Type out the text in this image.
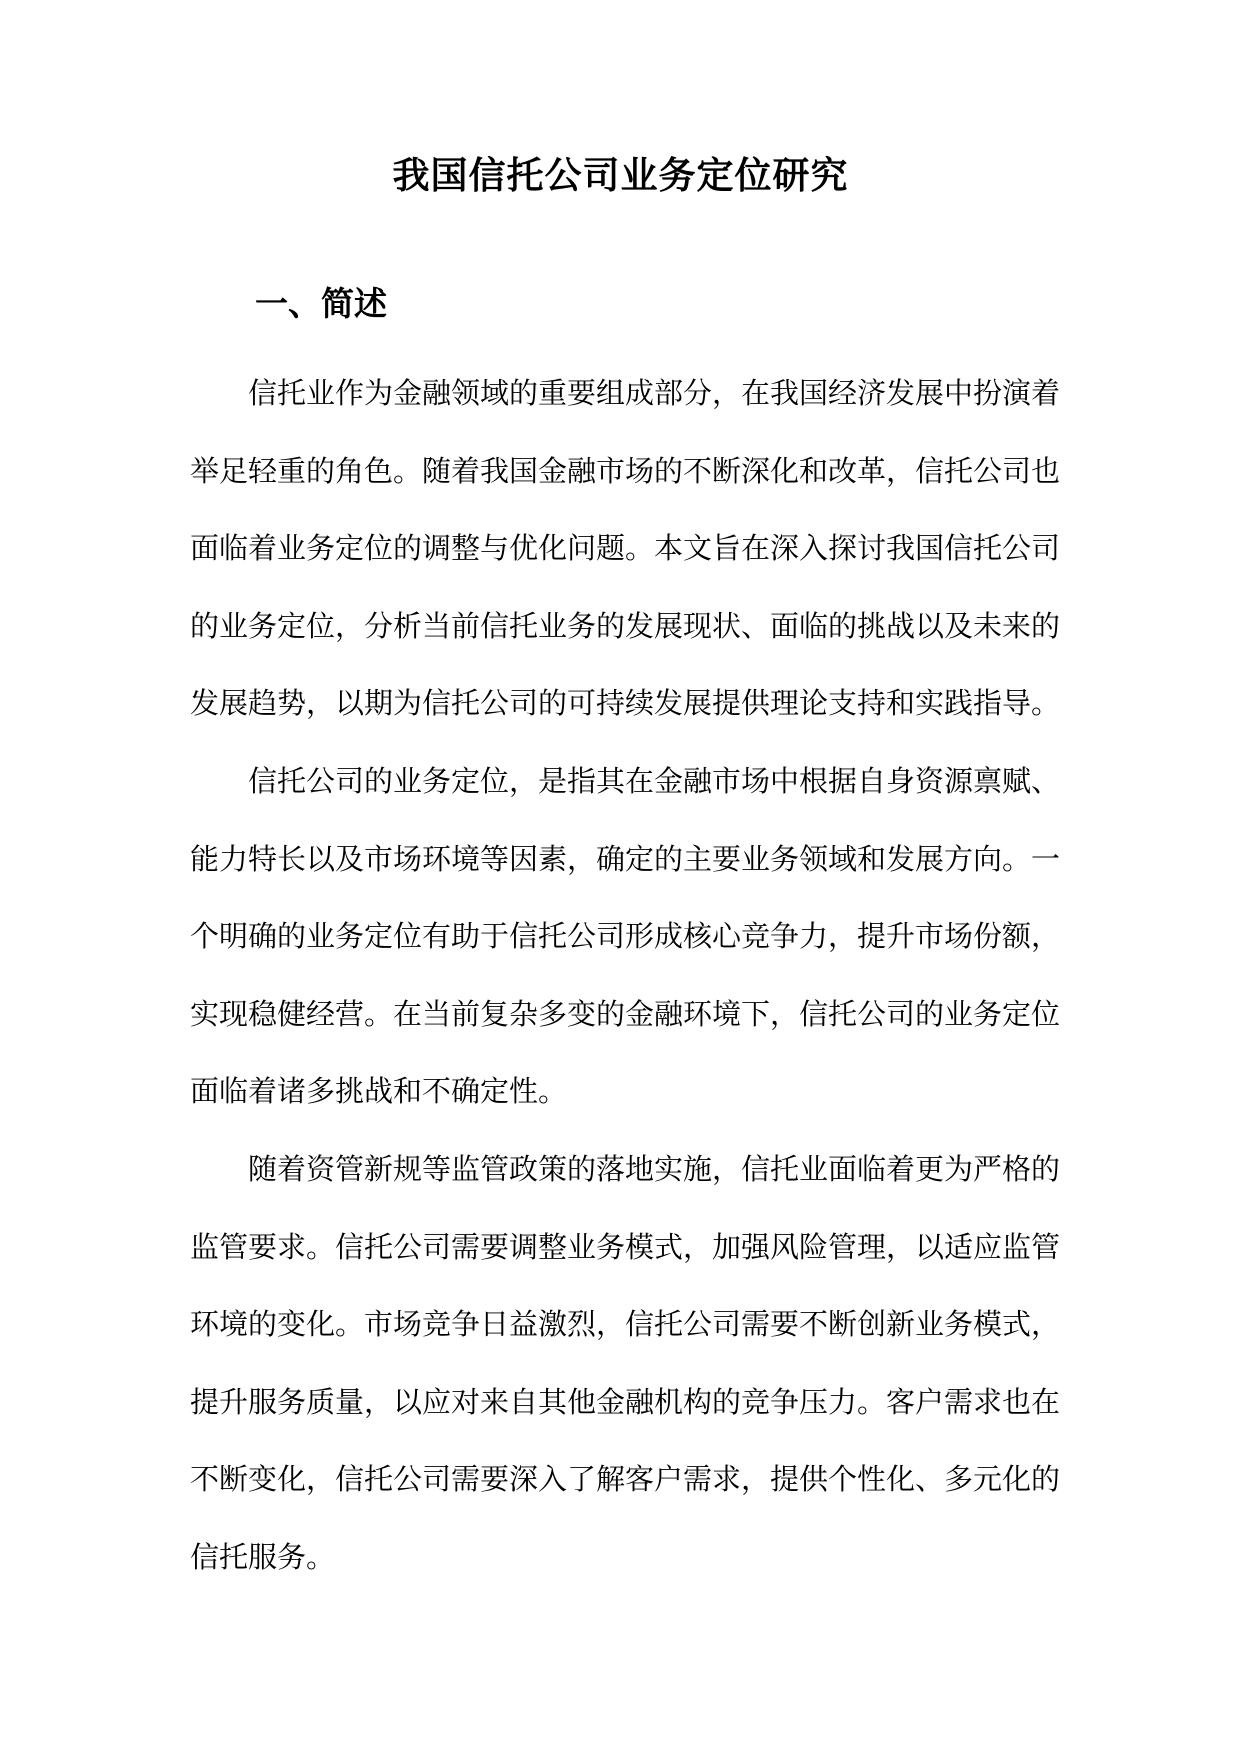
我国信托公司业务定位研究
一、简述

信托业作为金融领域的重要组成部分，在我国经济发展中扮演着举足轻重的角色。随着我国金融市场的不断深化和改革，信托公司也面临着业务定位的调整与优化问题。本文旨在深入探讨我国信托公司的业务定位，分析当前信托业务的发展现状、面临的挑战以及未来的发展趋势，以期为信托公司的可持续发展提供理论支持和实践指导。

信托公司的业务定位，是指其在金融市场中根据自身资源禀赋、能力特长以及市场环境等因素，确定的主要业务领域和发展方向。一个明确的业务定位有助于信托公司形成核心竞争力，提升市场份额，实现稳健经营。在当前复杂多变的金融环境下，信托公司的业务定位面临着诸多挑战和不确定性。

随着资管新规等监管政策的落地实施，信托业面临着更为严格的监管要求。信托公司需要调整业务模式，加强风险管理，以适应监管环境的变化。市场竞争日益激烈，信托公司需要不断创新业务模式，提升服务质量，以应对来自其他金融机构的竞争压力。客户需求也在不断变化，信托公司需要深入了解客户需求，提供个性化、多元化的信托服务。
